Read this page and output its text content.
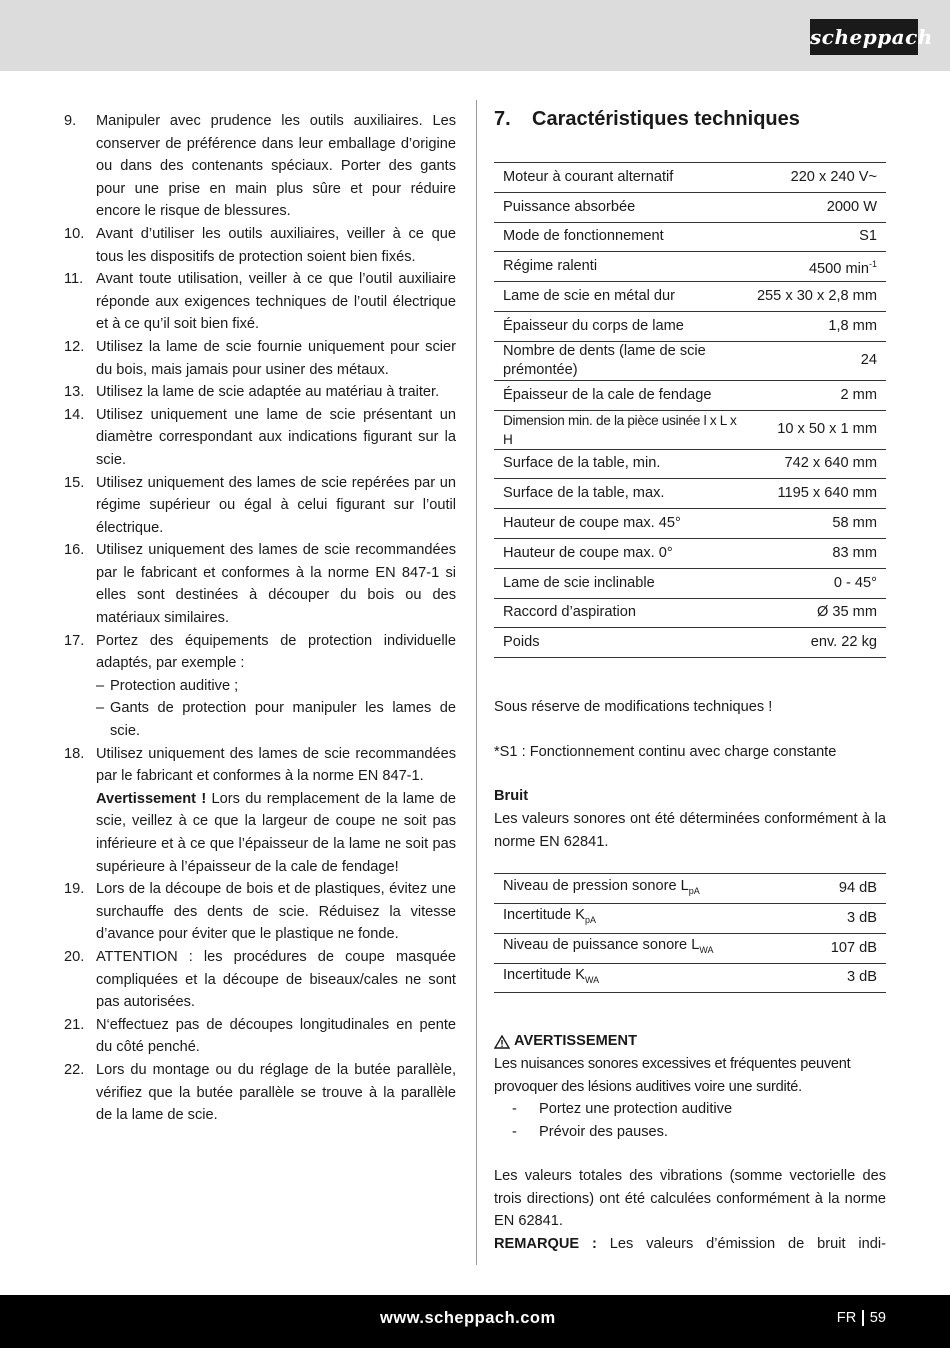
scheppach
9.	Manipuler avec prudence les outils auxiliaires. Les conserver de préférence dans leur emballage d’origine ou dans des contenants spéciaux. Porter des gants pour une prise en main plus sûre et pour réduire encore le risque de blessures.
10. Avant d’utiliser les outils auxiliaires, veiller à ce que tous les dispositifs de protection soient bien fixés.
11. Avant toute utilisation, veiller à ce que l’outil auxiliaire réponde aux exigences techniques de l’outil électrique et à ce qu’il soit bien fixé.
12. Utilisez la lame de scie fournie uniquement pour scier du bois, mais jamais pour usiner des métaux.
13. Utilisez la lame de scie adaptée au matériau à traiter.
14. Utilisez uniquement une lame de scie présentant un diamètre correspondant aux indications figurant sur la scie.
15. Utilisez uniquement des lames de scie repérées par un régime supérieur ou égal à celui figurant sur l’outil électrique.
16. Utilisez uniquement des lames de scie recommandées par le fabricant et conformes à la norme EN 847-1 si elles sont destinées à découper du bois ou des matériaux similaires.
17. Portez des équipements de protection individuelle adaptés, par exemple :
– Protection auditive ;
– Gants de protection pour manipuler les lames de scie.
18. Utilisez uniquement des lames de scie recommandées par le fabricant et conformes à la norme EN 847-1.
Avertissement ! Lors du remplacement de la lame de scie, veillez à ce que la largeur de coupe ne soit pas inférieure et à ce que l’épaisseur de la lame ne soit pas supérieure à l’épaisseur de la cale de fendage!
19. Lors de la découpe de bois et de plastiques, évitez une surchauffe des dents de scie. Réduisez la vitesse d’avance pour éviter que le plastique ne fonde.
20. ATTENTION : les procédures de coupe masquée compliquées et la découpe de biseaux/cales ne sont pas autorisées.
21. N‘effectuez pas de découpes longitudinales en pente du côté penché.
22. Lors du montage ou du réglage de la butée parallèle, vérifiez que la butée parallèle se trouve à la parallèle de la lame de scie.
7.	Caractéristiques techniques
Moteur à courant alternatif	220 x 240 V~
Puissance absorbée	2000 W
Mode de fonctionnement	S1
Régime ralenti	4500 $\min^{-1}$
Lame de scie en métal dur	255 x 30 x 2,8 mm
Épaisseur du corps de lame	1,8 mm
Nombre de dents (lame de scie prémontée)	24
Épaisseur de la cale de fendage	2 mm
Dimension min. de la pièce usinée l x L x H	10 x 50 x 1 mm
Surface de la table, min.	742 x 640 mm
Surface de la table, max.	1195 x 640 mm
Hauteur de coupe max. 45°	58 mm
Hauteur de coupe max. 0°	83 mm
Lame de scie inclinable	0 - 45°
Raccord d’aspiration	Ø 35 mm
Poids	env. 22 kg

Sous réserve de modifications techniques !

*S1 : Fonctionnement continu avec charge constante

Bruit

Les valeurs sonores ont été déterminées conformément à la norme EN 62841.

Niveau de pression sonore $L_{pA}$	94 dB
Incertitude $K_{pA}$	3 dB
Niveau de puissance sonore $L_{WA}$	107 dB
Incertitude $K_{WA}$	3 dB
AVERTISSEMENT

Les nuisances sonores excessives et fréquentes peuvent provoquer des lésions auditives voire une surdité.

-	Portez une protection auditive
-	Prévoir des pauses.

Les valeurs totales des vibrations (somme vectorielle des trois directions) ont été calculées conformément à la norme EN 62841.

REMARQUE : Les valeurs d’émission de bruit indi-

www.scheppach.com	FR 59
